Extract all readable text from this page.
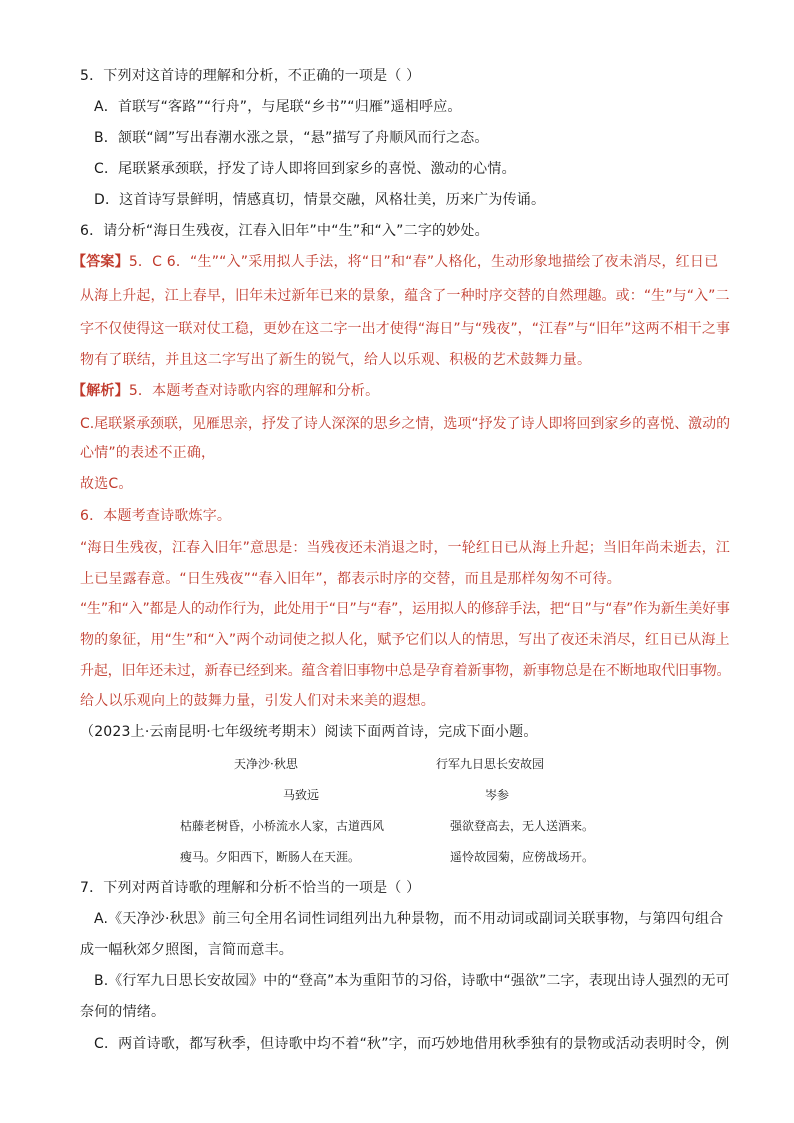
5．下列对这首诗的理解和分析，不正确的一项是（ ）
A．首联写“客路”“行舟”，与尾联“乡书”“归雁”遥相呼应。
B．颔联“阔”写出春潮水涨之景，“悬”描写了舟顺风而行之态。
C．尾联紧承颈联，抒发了诗人即将回到家乡的喜悦、激动的心情。
D．这首诗写景鲜明，情感真切，情景交融，风格壮美，历来广为传诵。
6．请分析“海日生残夜，江春入旧年”中“生”和“入”二字的妙处。
【答案】5．C 6．“生”“入”采用拟人手法，将“日”和“春”人格化，生动形象地描绘了夜未消尽，红日已
从海上升起，江上春早，旧年未过新年已来的景象，蕴含了一种时序交替的自然理趣。或：“生”与“入”二
字不仅使得这一联对仗工稳，更妙在这二字一出才使得“海日”与“残夜”，“江春”与“旧年”这两不相干之事
物有了联结，并且这二字写出了新生的锐气，给人以乐观、积极的艺术鼓舞力量。
【解析】5．本题考查对诗歌内容的理解和分析。
C.尾联紧承颈联，见雁思亲，抒发了诗人深深的思乡之情，选项“抒发了诗人即将回到家乡的喜悦、激动的
心情”的表述不正确，
故选C。
6．本题考查诗歌炼字。
“海日生残夜，江春入旧年”意思是：当残夜还未消退之时，一轮红日已从海上升起；当旧年尚未逝去，江
上已呈露春意。“日生残夜”“春入旧年”，都表示时序的交替，而且是那样匆匆不可待。
“生”和“入”都是人的动作行为，此处用于“日”与“春”，运用拟人的修辞手法，把“日”与“春”作为新生美好事
物的象征，用“生”和“入”两个动词使之拟人化，赋予它们以人的情思，写出了夜还未消尽，红日已从海上
升起，旧年还未过，新春已经到来。蕴含着旧事物中总是孕育着新事物，新事物总是在不断地取代旧事物。
给人以乐观向上的鼓舞力量，引发人们对未来美的遐想。
（2023上·云南昆明·七年级统考期末）阅读下面两首诗，完成下面小题。
天净沙·秋思	行军九日思长安故园
马致远	岑参
枯藤老树昏，小桥流水人家，古道西风	强欲登高去，无人送酒来。
瘦马。夕阳西下，断肠人在天涯。	遥怜故园菊，应傍战场开。
7．下列对两首诗歌的理解和分析不恰当的一项是（ ）
A.《天净沙·秋思》前三句全用名词性词组列出九种景物，而不用动词或副词关联事物，与第四句组合
成一幅秋郊夕照图，言简而意丰。
B.《行军九日思长安故园》中的“登高”本为重阳节的习俗，诗歌中“强欲”二字，表现出诗人强烈的无可
奈何的情绪。
C．两首诗歌，都写秋季，但诗歌中均不着“秋”字，而巧妙地借用秋季独有的景物或活动表明时令，例
